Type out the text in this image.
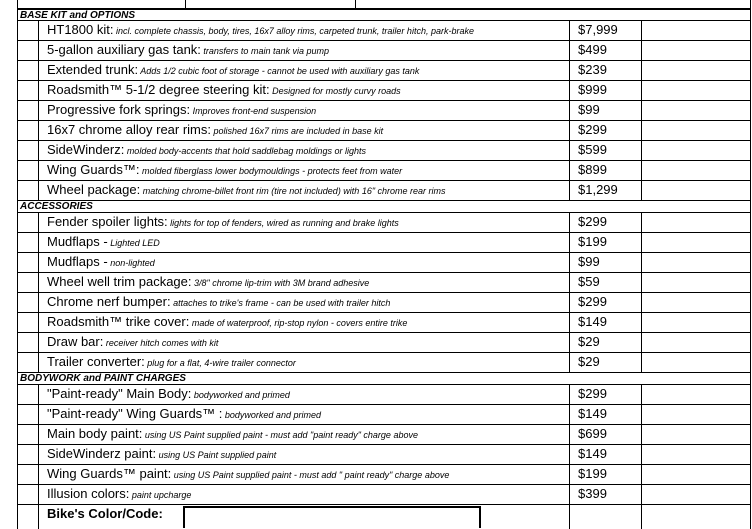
BASE KIT and OPTIONS
HT1800 kit: incl. complete chassis, body, tires, 16x7 alloy rims, carpeted trunk, trailer hitch, park-brake	$7,999
5-gallon auxiliary gas tank: transfers to main tank via pump	$499
Extended trunk: Adds 1/2 cubic foot of storage - cannot be used with auxiliary gas tank	$239
Roadsmith™ 5-1/2 degree steering kit: Designed for mostly curvy roads	$999
Progressive fork springs: Improves front-end suspension	$99
16x7 chrome alloy rear rims: polished 16x7 rims are included in base kit	$299
SideWinderz: molded body-accents that hold saddlebag moldings or lights	$599
Wing Guards™: molded fiberglass lower bodymouldings - protects feet from water	$899
Wheel package: matching chrome-billet front rim (tire not included) with 16" chrome rear rims	$1,299
ACCESSORIES
Fender spoiler lights: lights for top of fenders, wired as running and brake lights	$299
Mudflaps - Lighted LED	$199
Mudflaps - non-lighted	$99
Wheel well trim package: 3/8" chrome lip-trim with 3M brand adhesive	$59
Chrome nerf bumper: attaches to trike's frame - can be used with trailer hitch	$299
Roadsmith™ trike cover: made of waterproof, rip-stop nylon - covers entire trike	$149
Draw bar: receiver hitch comes with kit	$29
Trailer converter: plug for a flat, 4-wire trailer connector	$29
BODYWORK and PAINT CHARGES
"Paint-ready" Main Body: bodyworked and primed	$299
"Paint-ready" Wing Guards™ : bodyworked and primed	$149
Main body paint: using US Paint supplied paint - must add "paint ready" charge above	$699
SideWinderz paint: using US Paint supplied paint	$149
Wing Guards™ paint: using US Paint supplied paint - must add " paint ready" charge above	$199
Illusion colors: paint upcharge	$399
Bike's Color/Code:
